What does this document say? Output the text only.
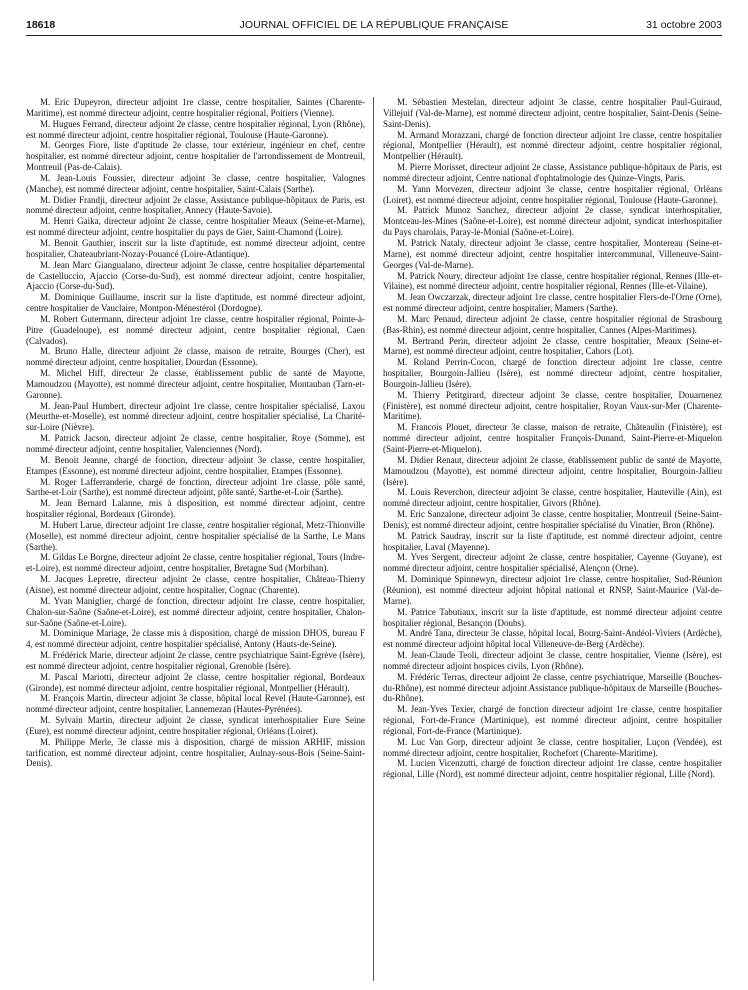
18618	JOURNAL OFFICIEL DE LA RÉPUBLIQUE FRANÇAISE	31 octobre 2003

M. Eric Dupeyron, directeur adjoint 1re classe, centre hospitalier, Saintes (Charente-Maritime), est nommé directeur adjoint, centre hospitalier régional, Poitiers (Vienne).

M. Hugues Ferrand, directeur adjoint 2e classe, centre hospitalier régional, Lyon (Rhône), est nommé directeur adjoint, centre hospitalier régional, Toulouse (Haute-Garonne).

M. Georges Fiore, liste d'aptitude 2e classe, tour extérieur, ingénieur en chef, centre hospitalier, est nommé directeur adjoint, centre hospitalier de l'arrondissement de Montreuil, Montreuil (Pas-de-Calais).

M. Jean-Louis Foussier, directeur adjoint 3e classe, centre hospitalier, Valognes (Manche), est nommé directeur adjoint, centre hospitalier, Saint-Calais (Sarthe).

M. Didier Frandji, directeur adjoint 2e classe, Assistance publique-hôpitaux de Paris, est nommé directeur adjoint, centre hospitalier, Annecy (Haute-Savoie).

M. Henri Gaika, directeur adjoint 2e classe, centre hospitalier Meaux (Seine-et-Marne), est nommé directeur adjoint, centre hospitalier du pays de Gier, Saint-Chamond (Loire).

M. Benoit Gauthier, inscrit sur la liste d'aptitude, est nommé directeur adjoint, centre hospitalier, Chateaubriant-Nozay-Pouancé (Loire-Atlantique).

M. Jean Marc Giangualano, directeur adjoint 3e classe, centre hospitalier départemental de Castelluccio, Ajaccio (Corse-du-Sud), est nommé directeur adjoint, centre hospitalier, Ajaccio (Corse-du-Sud).

M. Dominique Guillaume, inscrit sur la liste d'aptitude, est nommé directeur adjoint, centre hospitalier de Vauclaire, Montpon-Ménestérol (Dordogne).

M. Robert Gutermann, directeur adjoint 1re classe, centre hospitalier régional, Pointe-à-Pitre (Guadeloupe), est nommé directeur adjoint, centre hospitalier régional, Caen (Calvados).

M. Bruno Halle, directeur adjoint 2e classe, maison de retraite, Bourges (Cher), est nommé directeur adjoint, centre hospitalier, Dourdan (Essonne).

M. Michel Hiff, directeur 2e classe, établissement public de santé de Mayotte, Mamoudzou (Mayotte), est nommé directeur adjoint, centre hospitalier, Montauban (Tarn-et-Garonne).

M. Jean-Paul Humbert, directeur adjoint 1re classe, centre hospitalier spécialisé, Laxou (Meurthe-et-Moselle), est nommé directeur adjoint, centre hospitalier spécialisé, La Charité-sur-Loire (Nièvre).

M. Patrick Jacson, directeur adjoint 2e classe, centre hospitalier, Roye (Somme), est nommé directeur adjoint, centre hospitalier, Valenciennes (Nord).

M. Benoit Jeanne, chargé de fonction, directeur adjoint 3e classe, centre hospitalier, Etampes (Essonne), est nommé directeur adjoint, centre hospitalier, Etampes (Essonne).

M. Roger Lafferranderie, chargé de fonction, directeur adjoint 1re classe, pôle santé, Sarthe-et-Loir (Sarthe), est nommé directeur adjoint, pôle santé, Sarthe-et-Loir (Sarthe).

M. Jean Bernard Lalanne, mis à disposition, est nommé directeur adjoint, centre hospitalier régional, Bordeaux (Gironde).

M. Hubert Larue, directeur adjoint 1re classe, centre hospitalier régional, Metz-Thionville (Moselle), est nommé directeur adjoint, centre hospitalier spécialisé de la Sarthe, Le Mans (Sarthe).

M. Gildas Le Borgne, directeur adjoint 2e classe, centre hospitalier régional, Tours (Indre-et-Loire), est nommé directeur adjoint, centre hospitalier, Bretagne Sud (Morbihan).

M. Jacques Lepretre, directeur adjoint 2e classe, centre hospitalier, Château-Thierry (Aisne), est nommé directeur adjoint, centre hospitalier, Cognac (Charente).

M. Yvan Maniglier, chargé de fonction, directeur adjoint 1re classe, centre hospitalier, Chalon-sur-Saône (Saône-et-Loire), est nommé directeur adjoint, centre hospitalier, Chalon-sur-Saône (Saône-et-Loire).

M. Dominique Mariage, 2e classe mis à disposition, chargé de mission DHOS, bureau F 4, est nommé directeur adjoint, centre hospitalier spécialisé, Antony (Hauts-de-Seine).

M. Frédérick Marie, directeur adjoint 2e classe, centre psychiatrique Saint-Egrève (Isère), est nommé directeur adjoint, centre hospitalier régional, Grenoble (Isère).

M. Pascal Mariotti, directeur adjoint 2e classe, centre hospitalier régional, Bordeaux (Gironde), est nommé directeur adjoint, centre hospitalier régional, Montpellier (Hérault).

M. François Martin, directeur adjoint 3e classe, hôpital local Revel (Haute-Garonne), est nommé directeur adjoint, centre hospitalier, Lannemezan (Hautes-Pyrénées).

M. Sylvain Martin, directeur adjoint 2e classe, syndicat interhospitalier Eure Seine (Eure), est nommé directeur adjoint, centre hospitalier régional, Orléans (Loiret).

M. Philippe Merle, 3e classe mis à disposition, chargé de mission ARHIF, mission tarification, est nommé directeur adjoint, centre hospitalier, Aulnay-sous-Bois (Seine-Saint-Denis).

M. Sébastien Mestelan, directeur adjoint 3e classe, centre hospitalier Paul-Guiraud, Villejuif (Val-de-Marne), est nommé directeur adjoint, centre hospitalier, Saint-Denis (Seine-Saint-Denis).

M. Armand Morazzani, chargé de fonction directeur adjoint 1re classe, centre hospitalier régional, Montpellier (Hérault), est nommé directeur adjoint, centre hospitalier régional, Montpellier (Hérault).

M. Pierre Morisset, directeur adjoint 2e classe, Assistance publique-hôpitaux de Paris, est nommé directeur adjoint, Centre national d'ophtalmologie des Quinze-Vingts, Paris.

M. Yann Morvezen, directeur adjoint 3e classe, centre hospitalier régional, Orléans (Loiret), est nommé directeur adjoint, centre hospitalier régional, Toulouse (Haute-Garonne).

M. Patrick Munoz Sanchez, directeur adjoint 2e classe, syndicat interhospitalier, Montceau-les-Mines (Saône-et-Loire), est nommé directeur adjoint, syndicat interhospitalier du Pays charolais, Paray-le-Monial (Saône-et-Loire).

M. Patrick Nataly, directeur adjoint 3e classe, centre hospitalier, Montereau (Seine-et-Marne), est nommé directeur adjoint, centre hospitalier intercommunal, Villeneuve-Saint-Georges (Val-de-Marne).

M. Patrick Noury, directeur adjoint 1re classe, centre hospitalier régional, Rennes (Ille-et-Vilaine), est nommé directeur adjoint, centre hospitalier régional, Rennes (Ille-et-Vilaine).

M. Jean Owczarzak, directeur adjoint 1re classe, centre hospitalier Flers-de-l'Orne (Orne), est nommé directeur adjoint, centre hospitalier, Mamers (Sarthe).

M. Marc Penaud, directeur adjoint 2e classe, centre hospitalier régional de Strasbourg (Bas-Rhin), est nommé directeur adjoint, centre hospitalier, Cannes (Alpes-Maritimes).

M. Bertrand Perin, directeur adjoint 2e classe, centre hospitalier, Meaux (Seine-et-Marne), est nommé directeur adjoint, centre hospitalier, Cahors (Lot).

M. Roland Perrin-Cocon, chargé de fonction directeur adjoint 1re classe, centre hospitalier, Bourgoin-Jallieu (Isère), est nommé directeur adjoint, centre hospitalier, Bourgoin-Jallieu (Isère).

M. Thierry Petitgirard, directeur adjoint 3e classe, centre hospitalier, Douarnenez (Finistère), est nommé directeur adjoint, centre hospitalier, Royan Vaux-sur-Mer (Charente-Maritime).

M. Francois Plouet, directeur 3e classe, maison de retraite, Châteaulin (Finistère), est nommé directeur adjoint, centre hospitalier François-Dunand, Saint-Pierre-et-Miquelon (Saint-Pierre-et-Miquelon).

M. Didier Renaut, directeur adjoint 2e classe, établissement public de santé de Mayotte, Mamoudzou (Mayotte), est nommé directeur adjoint, centre hospitalier, Bourgoin-Jallieu (Isère).

M. Louis Reverchon, directeur adjoint 3e classe, centre hospitalier, Hauteville (Ain), est nommé directeur adjoint, centre hospitalier, Givors (Rhône).

M. Eric Sanzalone, directeur adjoint 3e classe, centre hospitalier, Montreuil (Seine-Saint-Denis), est nommé directeur adjoint, centre hospitalier spécialisé du Vinatier, Bron (Rhône).

M. Patrick Saudray, inscrit sur la liste d'aptitude, est nommé directeur adjoint, centre hospitalier, Laval (Mayenne).

M. Yves Sergent, directeur adjoint 2e classe, centre hospitalier, Cayenne (Guyane), est nommé directeur adjoint, centre hospitalier spécialisé, Alençon (Orne).

M. Dominique Spinnewyn, directeur adjoint 1re classe, centre hospitalier, Sud-Réunion (Réunion), est nommé directeur adjoint hôpital national et RNSP, Saint-Maurice (Val-de-Marne).

M. Patrice Tabutiaux, inscrit sur la liste d'aptitude, est nommé directeur adjoint centre hospitalier régional, Besançon (Doubs).

M. André Tana, directeur 3e classe, hôpital local, Bourg-Saint-Andéol-Viviers (Ardèche), est nommé directeur adjoint hôpital local Villeneuve-de-Berg (Ardèche).

M. Jean-Claude Teoli, directeur adjoint 3e classe, centre hospitalier, Vienne (Isère), est nommé directeur adjoint hospices civils, Lyon (Rhône).

M. Frédéric Terras, directeur adjoint 2e classe, centre psychiatrique, Marseille (Bouches-du-Rhône), est nommé directeur adjoint Assistance publique-hôpitaux de Marseille (Bouches-du-Rhône).

M. Jean-Yves Texier, chargé de fonction directeur adjoint 1re classe, centre hospitalier régional, Fort-de-France (Martinique), est nommé directeur adjoint, centre hospitalier régional, Fort-de-France (Martinique).

M. Luc Van Gorp, directeur adjoint 3e classe, centre hospitalier, Luçon (Vendée), est nommé directeur adjoint, centre hospitalier, Rochefort (Charente-Maritime).

M. Lucien Vicenzutti, chargé de fonction directeur adjoint 1re classe, centre hospitalier régional, Lille (Nord), est nommé directeur adjoint, centre hospitalier régional, Lille (Nord).
